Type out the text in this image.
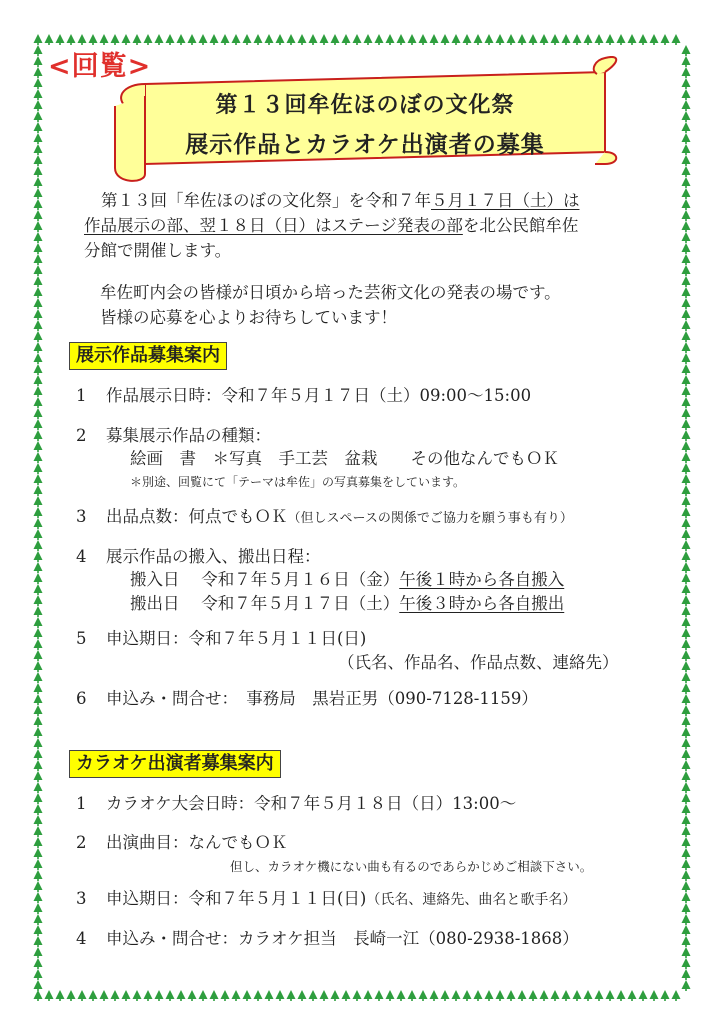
<回覧>
第１３回牟佐ほのぼの文化祭
展示作品とカラオケ出演者の募集
第１３回「牟佐ほのぼの文化祭」を令和７年５月１７日（土）は
作品展示の部、翌１８日（日）はステージ発表の部を北公民館牟佐
分館で開催します。
牟佐町内会の皆様が日頃から培った芸術文化の発表の場です。
皆様の応募を心よりお待ちしています！
展示作品募集案内
1 作品展示日時：令和７年５月１７日（土）09:00～15:00
2 募集展示作品の種類：
絵画　書　＊写真　手工芸　盆栽　　その他なんでもＯＫ
＊別途、回覧にて「テーマは牟佐」の写真募集をしています。
3 出品点数：何点でもＯＫ（但しスペースの関係でご協力を願う事も有り）
4 展示作品の搬入、搬出日程：
搬入日　 令和７年５月１６日（金）午後１時から各自搬入
搬出日　 令和７年５月１７日（土）午後３時から各自搬出
5 申込期日：令和７年５月１１日(日)
（氏名、作品名、作品点数、連絡先）
6 申込み・問合せ：　事務局　黒岩正男（090-7128-1159）
カラオケ出演者募集案内
1 カラオケ大会日時：令和７年５月１８日（日）13:00～
2 出演曲目：なんでもＯＫ
但し、カラオケ機にない曲も有るのであらかじめご相談下さい。
3 申込期日：令和７年５月１１日(日)（氏名、連絡先、曲名と歌手名）
4 申込み・問合せ：カラオケ担当　長崎一江（080-2938-1868）
